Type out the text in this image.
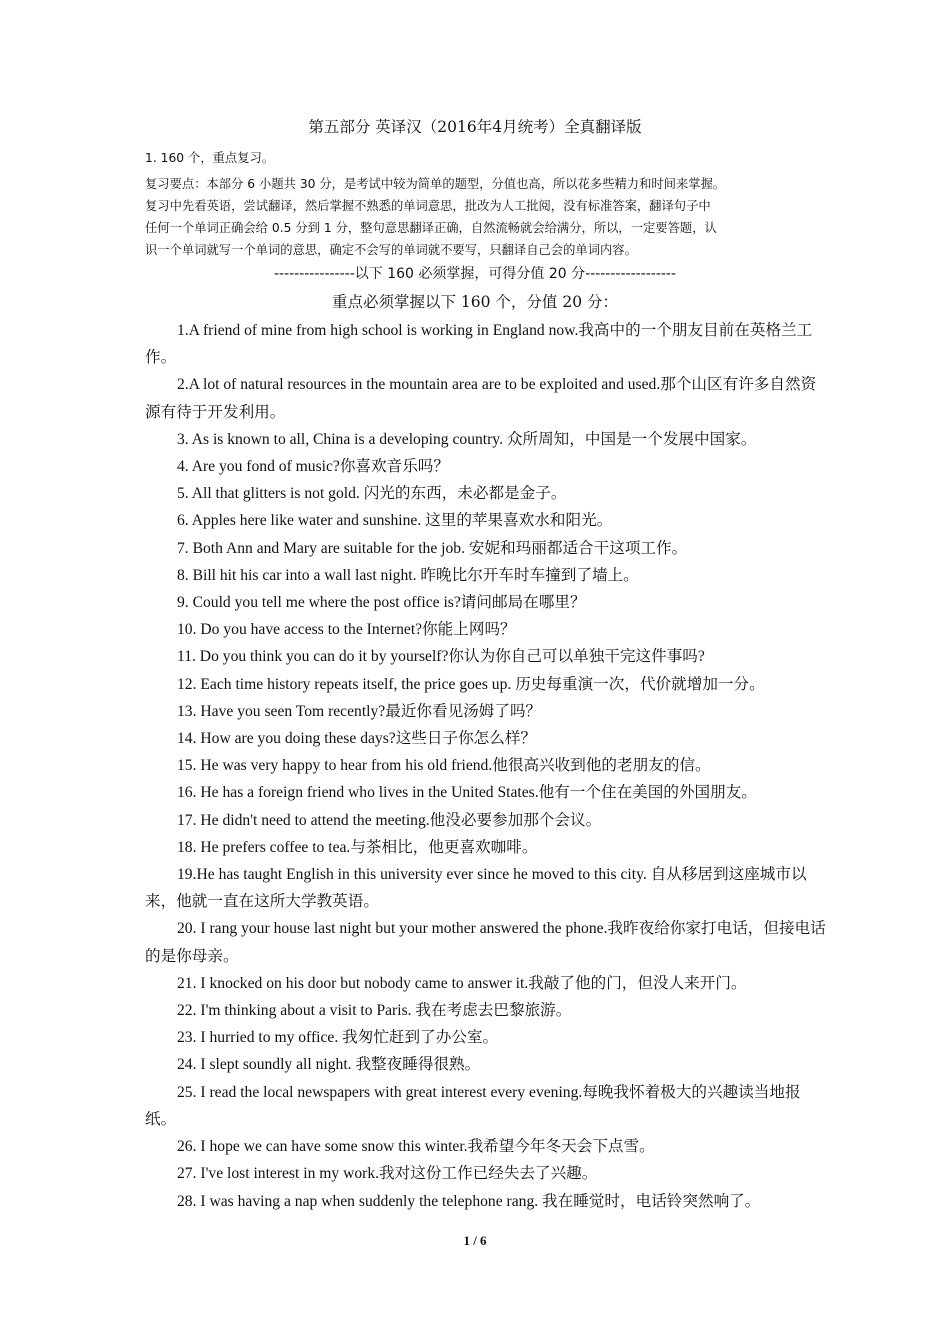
第五部分 英译汉（2016年4月统考）全真翻译版
1. 160 个，重点复习。
复习要点：本部分 6 小题共 30 分，是考试中较为简单的题型，分值也高，所以花多些精力和时间来掌握。
复习中先看英语，尝试翻译，然后掌握不熟悉的单词意思，批改为人工批阅，没有标准答案，翻译句子中
任何一个单词正确会给 0.5 分到 1 分，整句意思翻译正确，自然流畅就会给满分，所以，一定要答题，认
识一个单词就写一个单词的意思，确定不会写的单词就不要写，只翻译自己会的单词内容。
----------------以下 160 必须掌握，可得分值 20 分------------------
重点必须掌握以下 160 个，分值 20 分：
1.A friend of mine from high school is working in England now.我高中的一个朋友目前在英格兰工作。
2.A lot of natural resources in the mountain area are to be exploited and used.那个山区有许多自然资源有待于开发利用。
3. As is known to all, China is a developing country. 众所周知，中国是一个发展中国家。
4. Are you fond of music?你喜欢音乐吗？
5. All that glitters is not gold. 闪光的东西，未必都是金子。
6. Apples here like water and sunshine. 这里的苹果喜欢水和阳光。
7. Both Ann and Mary are suitable for the job. 安妮和玛丽都适合干这项工作。
8. Bill hit his car into a wall last night. 昨晚比尔开车时车撞到了墙上。
9. Could you tell me where the post office is?请问邮局在哪里？
10. Do you have access to the Internet?你能上网吗？
11. Do you think you can do it by yourself?你认为你自己可以单独干完这件事吗?
12. Each time history repeats itself, the price goes up. 历史每重演一次，代价就增加一分。
13. Have you seen Tom recently?最近你看见汤姆了吗？
14. How are you doing these days?这些日子你怎么样？
15. He was very happy to hear from his old friend.他很高兴收到他的老朋友的信。
16. He has a foreign friend who lives in the United States.他有一个住在美国的外国朋友。
17. He didn't need to attend the meeting.他没必要参加那个会议。
18. He prefers coffee to tea.与茶相比，他更喜欢咖啡。
19.He has taught English in this university ever since he moved to this city. 自从移居到这座城市以来，他就一直在这所大学教英语。
20. I rang your house last night but your mother answered the phone.我昨夜给你家打电话，但接电话的是你母亲。
21. I knocked on his door but nobody came to answer it.我敲了他的门，但没人来开门。
22. I'm thinking about a visit to Paris. 我在考虑去巴黎旅游。
23. I hurried to my office. 我匆忙赶到了办公室。
24. I slept soundly all night. 我整夜睡得很熟。
25. I read the local newspapers with great interest every evening.每晚我怀着极大的兴趣读当地报纸。
26. I hope we can have some snow this winter.我希望今年冬天会下点雪。
27. I've lost interest in my work.我对这份工作已经失去了兴趣。
28. I was having a nap when suddenly the telephone rang. 我在睡觉时，电话铃突然响了。
1 / 6
